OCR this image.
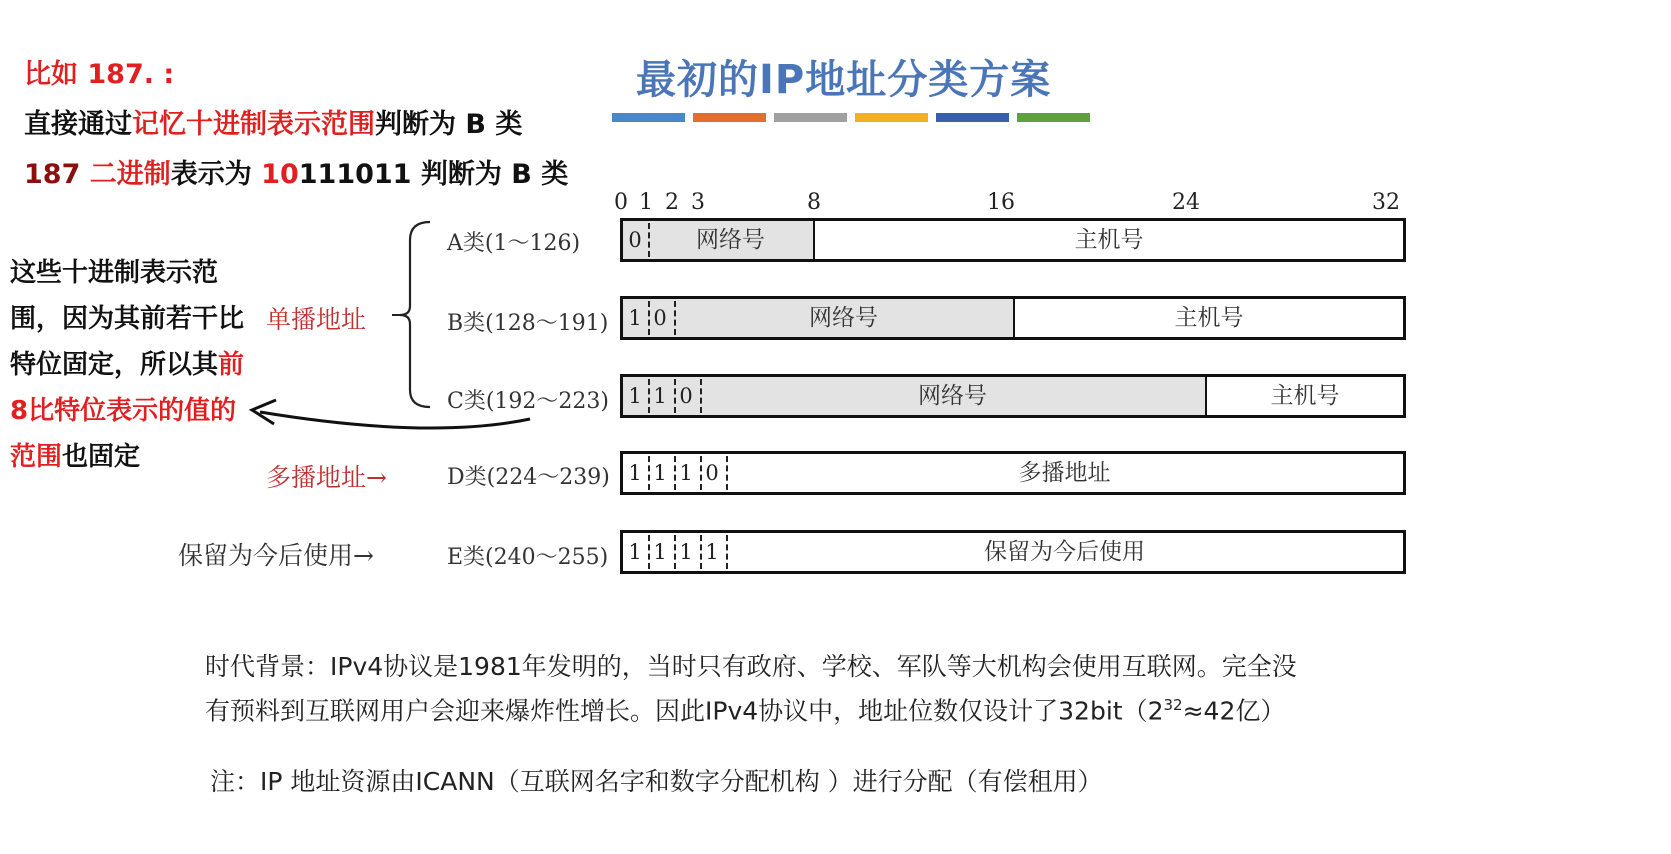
比如 187. :
直接通过记忆十进制表示范围判断为 B 类
187 二进制表示为 10111011 判断为 B 类
这些十进制表示范围，因为其前若干比特位固定，所以其前8比特位表示的值的范围也固定
最初的IP地址分类方案
0 1 2 3	8	16	24	32
单播地址
多播地址→
保留为今后使用→
A类(1～126) 0	网络号	主机号
B类(128～191) 1 0	网络号	主机号
C类(192～223) 1 1 0	网络号	主机号
D类(224～239) 1 1 1 0	多播地址
E类(240～255) 1 1 1 1	保留为今后使用
时代背景：IPv4协议是1981年发明的，当时只有政府、学校、军队等大机构会使用互联网。完全没
有预料到互联网用户会迎来爆炸性增长。因此IPv4协议中，地址位数仅设计了$32bit(2^{32}\approx 42$亿）
注：IP 地址资源由ICANN（互联网名字和数字分配机构 ）进行分配（有偿租用）
